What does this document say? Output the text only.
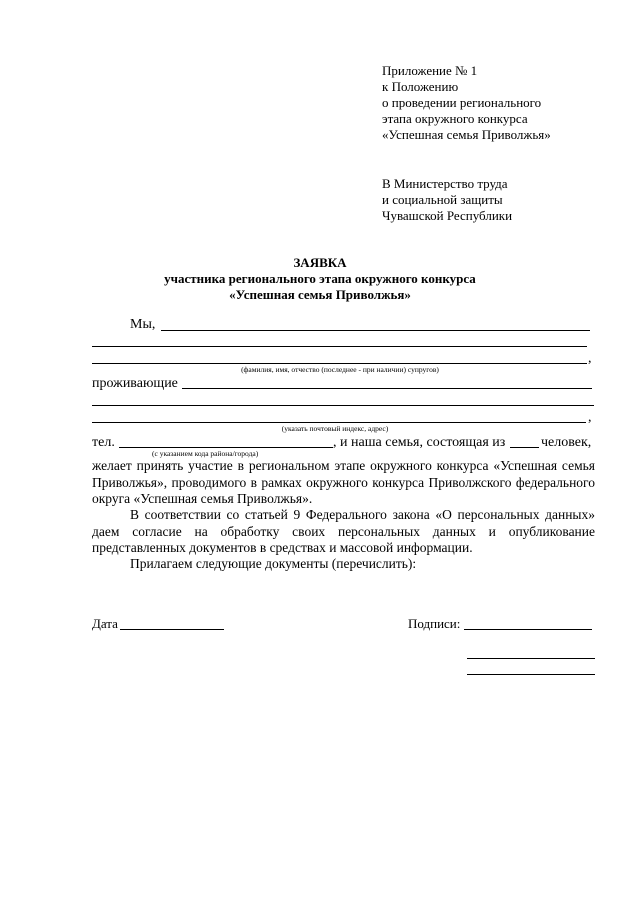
Приложение № 1
к Положению
о проведении регионального
этапа окружного конкурса
«Успешная семья Приволжья»
В Министерство труда
и социальной защиты
Чувашской Республики
ЗАЯВКА
участника регионального этапа окружного конкурса
«Успешная семья Приволжья»
Мы,
,
(фамилия, имя, отчество (последнее - при наличии) супругов)
проживающие
,
(указать почтовый индекс, адрес)
тел.	, и наша семья, состоящая из	человек,
(с указанием кода района/города)
желает принять участие в региональном этапе окружного конкурса «Успешная семья Приволжья», проводимого в рамках окружного конкурса Приволжского федерального округа «Успешная семья Приволжья».
В соответствии со статьей 9 Федерального закона «О персональных данных» даем согласие на обработку своих персональных данных и опубликование представленных документов в средствах и массовой информации.
Прилагаем следующие документы (перечислить):
Дата	Подписи:
